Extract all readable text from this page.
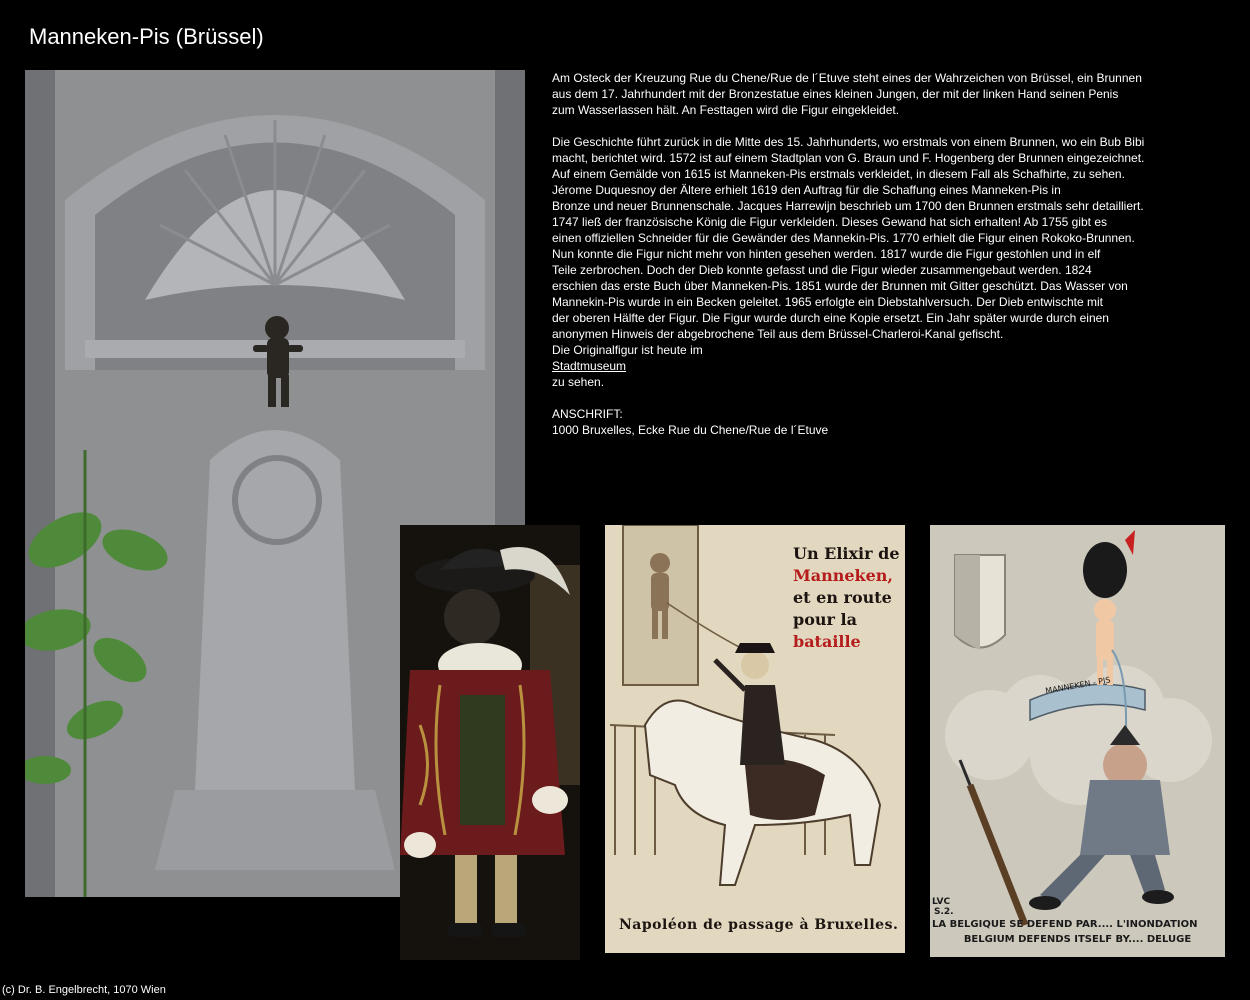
Manneken-Pis (Brüssel)
Un Elixir de
Manneken,
et en route
pour la bataille
Napoléon de passage à Bruxelles.
MANNEKEN - PIS
LVC
S.2.
LA BELGIQUE SE DEFEND PAR.... L'INONDATION
BELGIUM DEFENDS ITSELF BY.... DELUGE

Am Osteck der Kreuzung Rue du Chene/Rue de l´Etuve steht eines der Wahrzeichen von Brüssel, ein Brunnen
aus dem 17. Jahrhundert mit der Bronzestatue eines kleinen Jungen, der mit der linken Hand seinen Penis
zum Wasserlassen hält. An Festtagen wird die Figur eingekleidet.

Die Geschichte führt zurück in die Mitte des 15. Jahrhunderts, wo erstmals von einem Brunnen, wo ein Bub Bibi
macht, berichtet wird. 1572 ist auf einem Stadtplan von G. Braun und F. Hogenberg der Brunnen eingezeichnet.
Auf einem Gemälde von 1615 ist Manneken-Pis erstmals verkleidet, in diesem Fall als Schafhirte, zu sehen.
Jérome Duquesnoy der Ältere erhielt 1619 den Auftrag für die Schaffung eines Manneken-Pis in
Bronze und neuer Brunnenschale. Jacques Harrewijn beschrieb um 1700 den Brunnen erstmals sehr detailliert.
1747 ließ der französische König die Figur verkleiden. Dieses Gewand hat sich erhalten! Ab 1755 gibt es
einen offiziellen Schneider für die Gewänder des Mannekin-Pis. 1770 erhielt die Figur einen Rokoko-Brunnen.
Nun konnte die Figur nicht mehr von hinten gesehen werden. 1817 wurde die Figur gestohlen und in elf
Teile zerbrochen. Doch der Dieb konnte gefasst und die Figur wieder zusammengebaut werden. 1824
erschien das erste Buch über Manneken-Pis. 1851 wurde der Brunnen mit Gitter geschützt. Das Wasser von
Mannekin-Pis wurde in ein Becken geleitet. 1965 erfolgte ein Diebstahlversuch. Der Dieb entwischte mit
der oberen Hälfte der Figur. Die Figur wurde durch eine Kopie ersetzt. Ein Jahr später wurde durch einen
anonymen Hinweis der abgebrochene Teil aus dem Brüssel-Charleroi-Kanal gefischt.

Die Originalfigur ist heute im

Stadtmuseum

zu sehen.

ANSCHRIFT:

1000 Bruxelles, Ecke Rue du Chene/Rue de l´Etuve

(c) Dr. B. Engelbrecht, 1070 Wien
